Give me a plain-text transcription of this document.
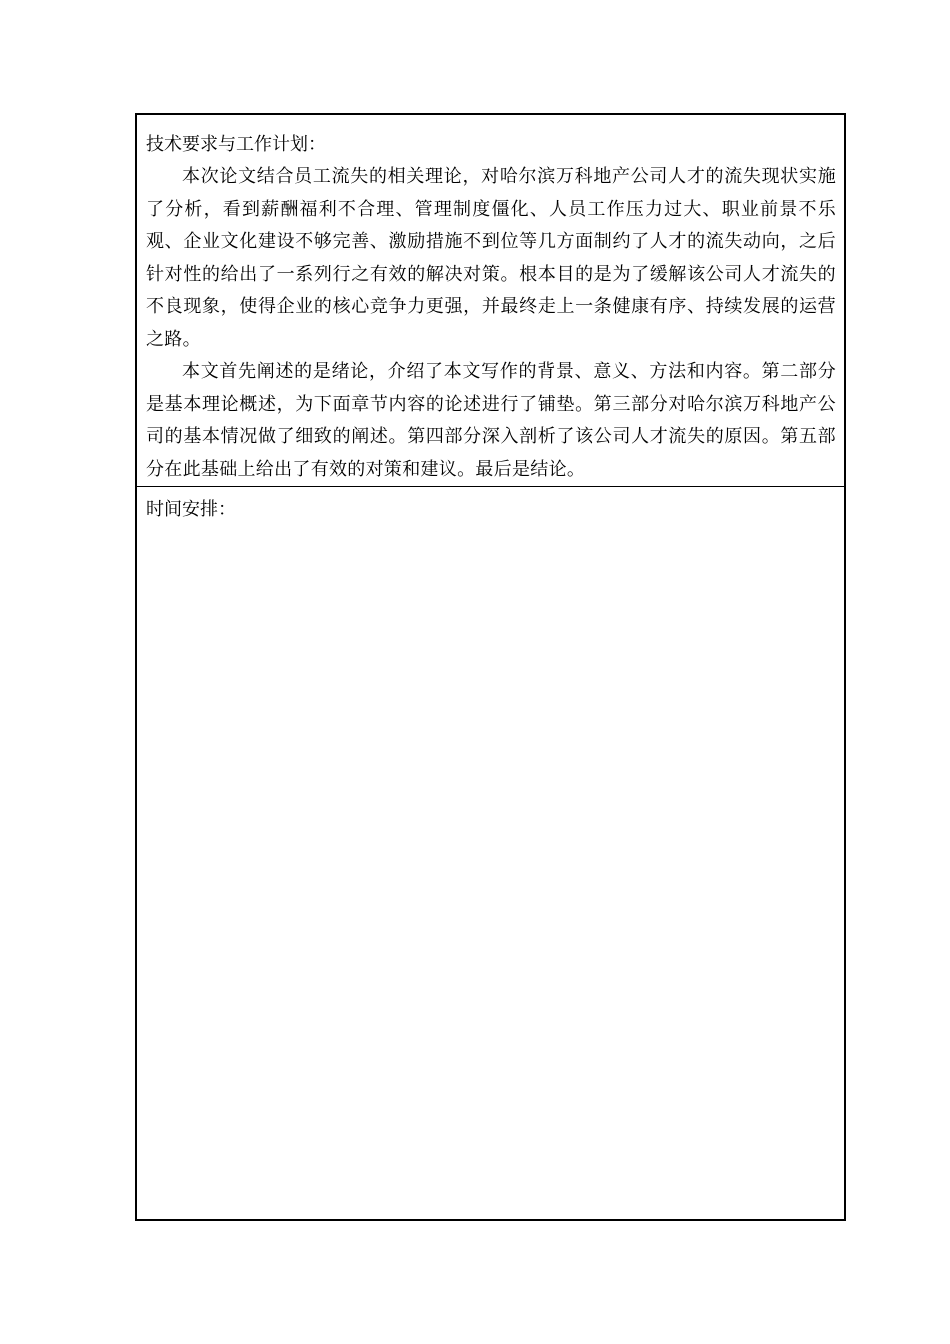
技术要求与工作计划：

本次论文结合员工流失的相关理论，对哈尔滨万科地产公司人才的流失现状实施了分析，看到薪酬福利不合理、管理制度僵化、人员工作压力过大、职业前景不乐观、企业文化建设不够完善、激励措施不到位等几方面制约了人才的流失动向，之后针对性的给出了一系列行之有效的解决对策。根本目的是为了缓解该公司人才流失的不良现象，使得企业的核心竞争力更强，并最终走上一条健康有序、持续发展的运营之路。

本文首先阐述的是绪论，介绍了本文写作的背景、意义、方法和内容。第二部分是基本理论概述，为下面章节内容的论述进行了铺垫。第三部分对哈尔滨万科地产公司的基本情况做了细致的阐述。第四部分深入剖析了该公司人才流失的原因。第五部分在此基础上给出了有效的对策和建议。最后是结论。

时间安排：
